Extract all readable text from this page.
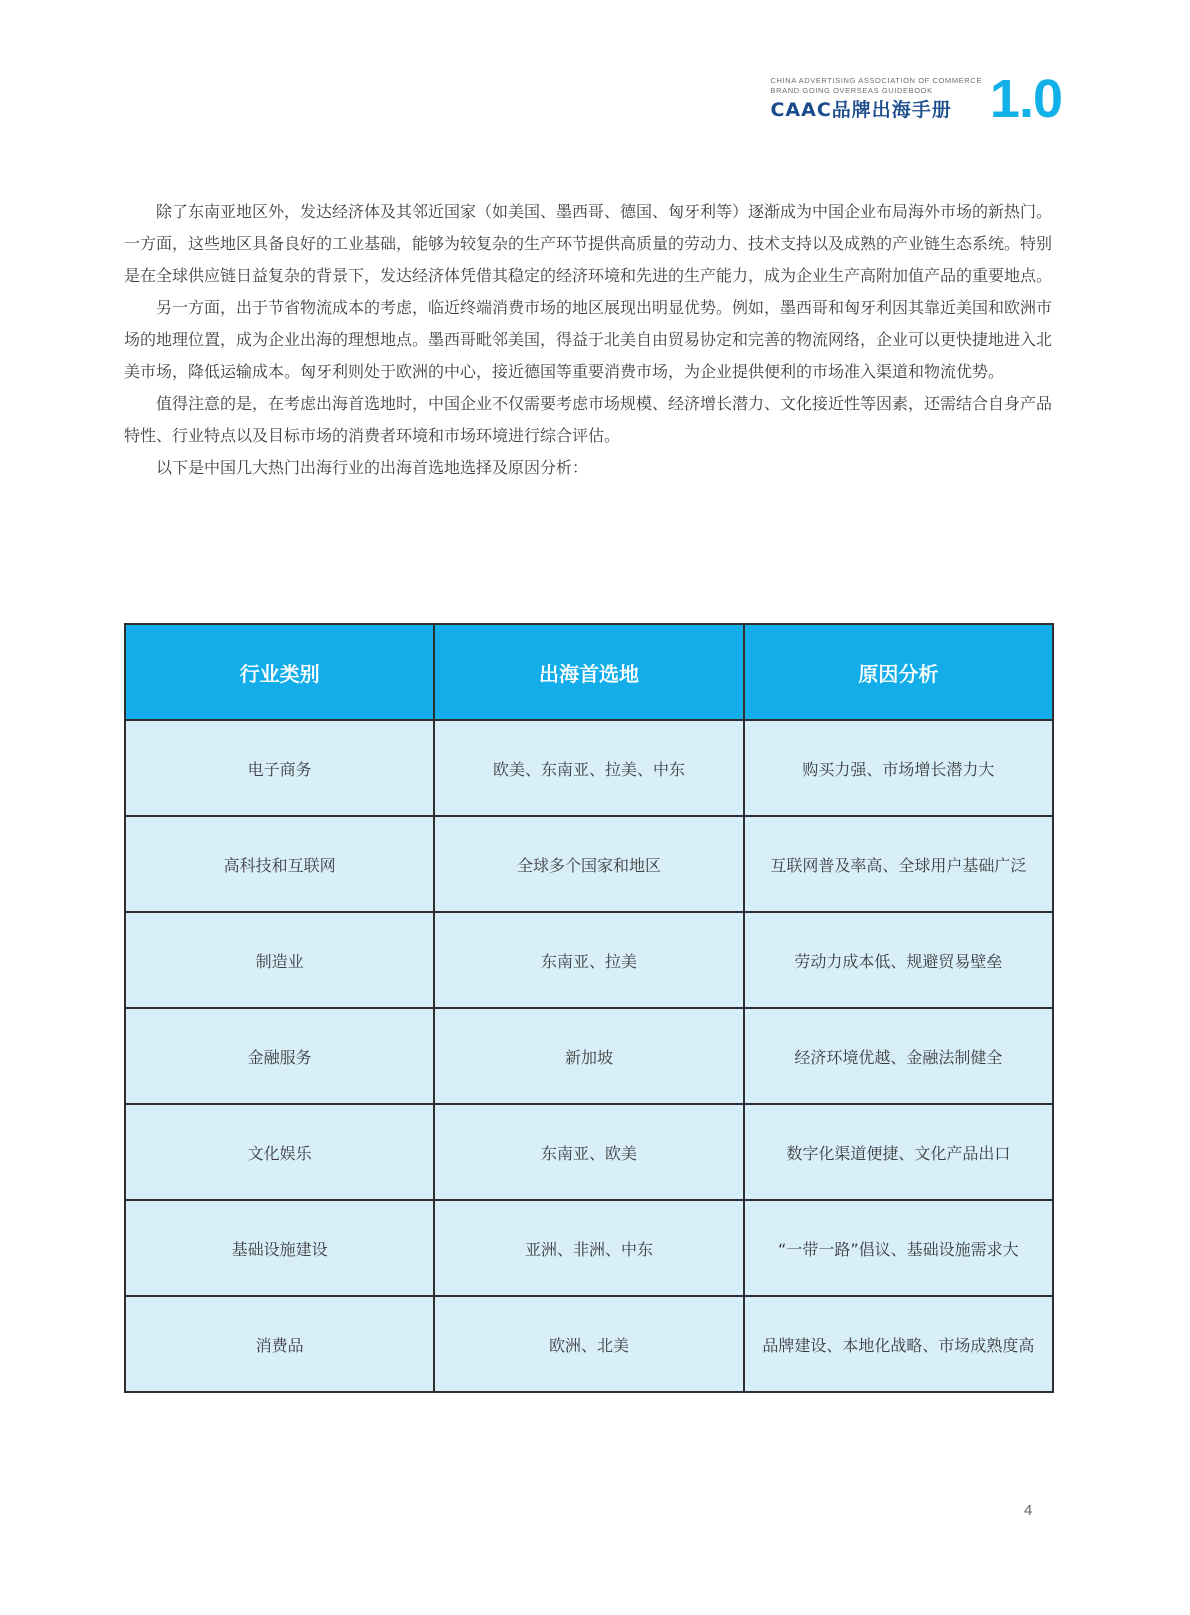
CHINA ADVERTISING ASSOCIATION OF COMMERCE
BRAND GOING OVERSEAS GUIDEBOOK
CAAC品牌出海手册 1.0

除了东南亚地区外，发达经济体及其邻近国家（如美国、墨西哥、德国、匈牙利等）逐渐成为中国企业布局海外市场的新热门。一方面，这些地区具备良好的工业基础，能够为较复杂的生产环节提供高质量的劳动力、技术支持以及成熟的产业链生态系统。特别是在全球供应链日益复杂的背景下，发达经济体凭借其稳定的经济环境和先进的生产能力，成为企业生产高附加值产品的重要地点。

另一方面，出于节省物流成本的考虑，临近终端消费市场的地区展现出明显优势。例如，墨西哥和匈牙利因其靠近美国和欧洲市场的地理位置，成为企业出海的理想地点。墨西哥毗邻美国，得益于北美自由贸易协定和完善的物流网络，企业可以更快捷地进入北美市场，降低运输成本。匈牙利则处于欧洲的中心，接近德国等重要消费市场，为企业提供便利的市场准入渠道和物流优势。

值得注意的是，在考虑出海首选地时，中国企业不仅需要考虑市场规模、经济增长潜力、文化接近性等因素，还需结合自身产品特性、行业特点以及目标市场的消费者环境和市场环境进行综合评估。

以下是中国几大热门出海行业的出海首选地选择及原因分析：

行业类别	出海首选地	原因分析
电子商务	欧美、东南亚、拉美、中东	购买力强、市场增长潜力大
高科技和互联网	全球多个国家和地区	互联网普及率高、全球用户基础广泛
制造业	东南亚、拉美	劳动力成本低、规避贸易壁垒
金融服务	新加坡	经济环境优越、金融法制健全
文化娱乐	东南亚、欧美	数字化渠道便捷、文化产品出口
基础设施建设	亚洲、非洲、中东	“一带一路”倡议、基础设施需求大
消费品	欧洲、北美	品牌建设、本地化战略、市场成熟度高
4
